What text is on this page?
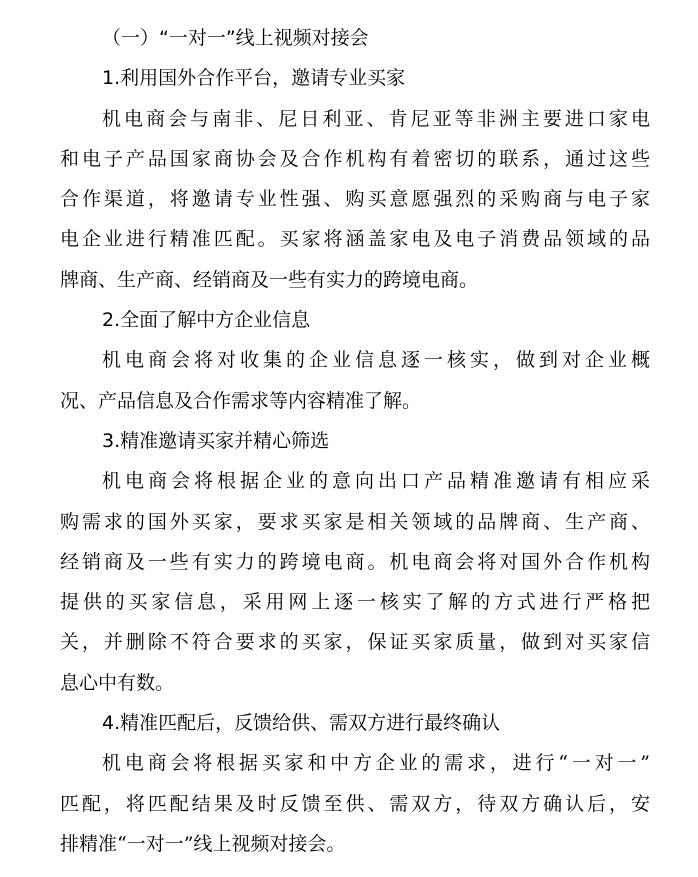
（一）“一对一”线上视频对接会
1.利用国外合作平台，邀请专业买家
机电商会与南非、尼日利亚、肯尼亚等非洲主要进口家电
和电子产品国家商协会及合作机构有着密切的联系，通过这些
合作渠道，将邀请专业性强、购买意愿强烈的采购商与电子家
电企业进行精准匹配。买家将涵盖家电及电子消费品领域的品
牌商、生产商、经销商及一些有实力的跨境电商。
2.全面了解中方企业信息
机电商会将对收集的企业信息逐一核实，做到对企业概
况、产品信息及合作需求等内容精准了解。
3.精准邀请买家并精心筛选
机电商会将根据企业的意向出口产品精准邀请有相应采
购需求的国外买家，要求买家是相关领域的品牌商、生产商、
经销商及一些有实力的跨境电商。机电商会将对国外合作机构
提供的买家信息，采用网上逐一核实了解的方式进行严格把
关，并删除不符合要求的买家，保证买家质量，做到对买家信
息心中有数。
4.精准匹配后，反馈给供、需双方进行最终确认
机电商会将根据买家和中方企业的需求，进行“一对一”
匹配，将匹配结果及时反馈至供、需双方，待双方确认后，安
排精准“一对一”线上视频对接会。
